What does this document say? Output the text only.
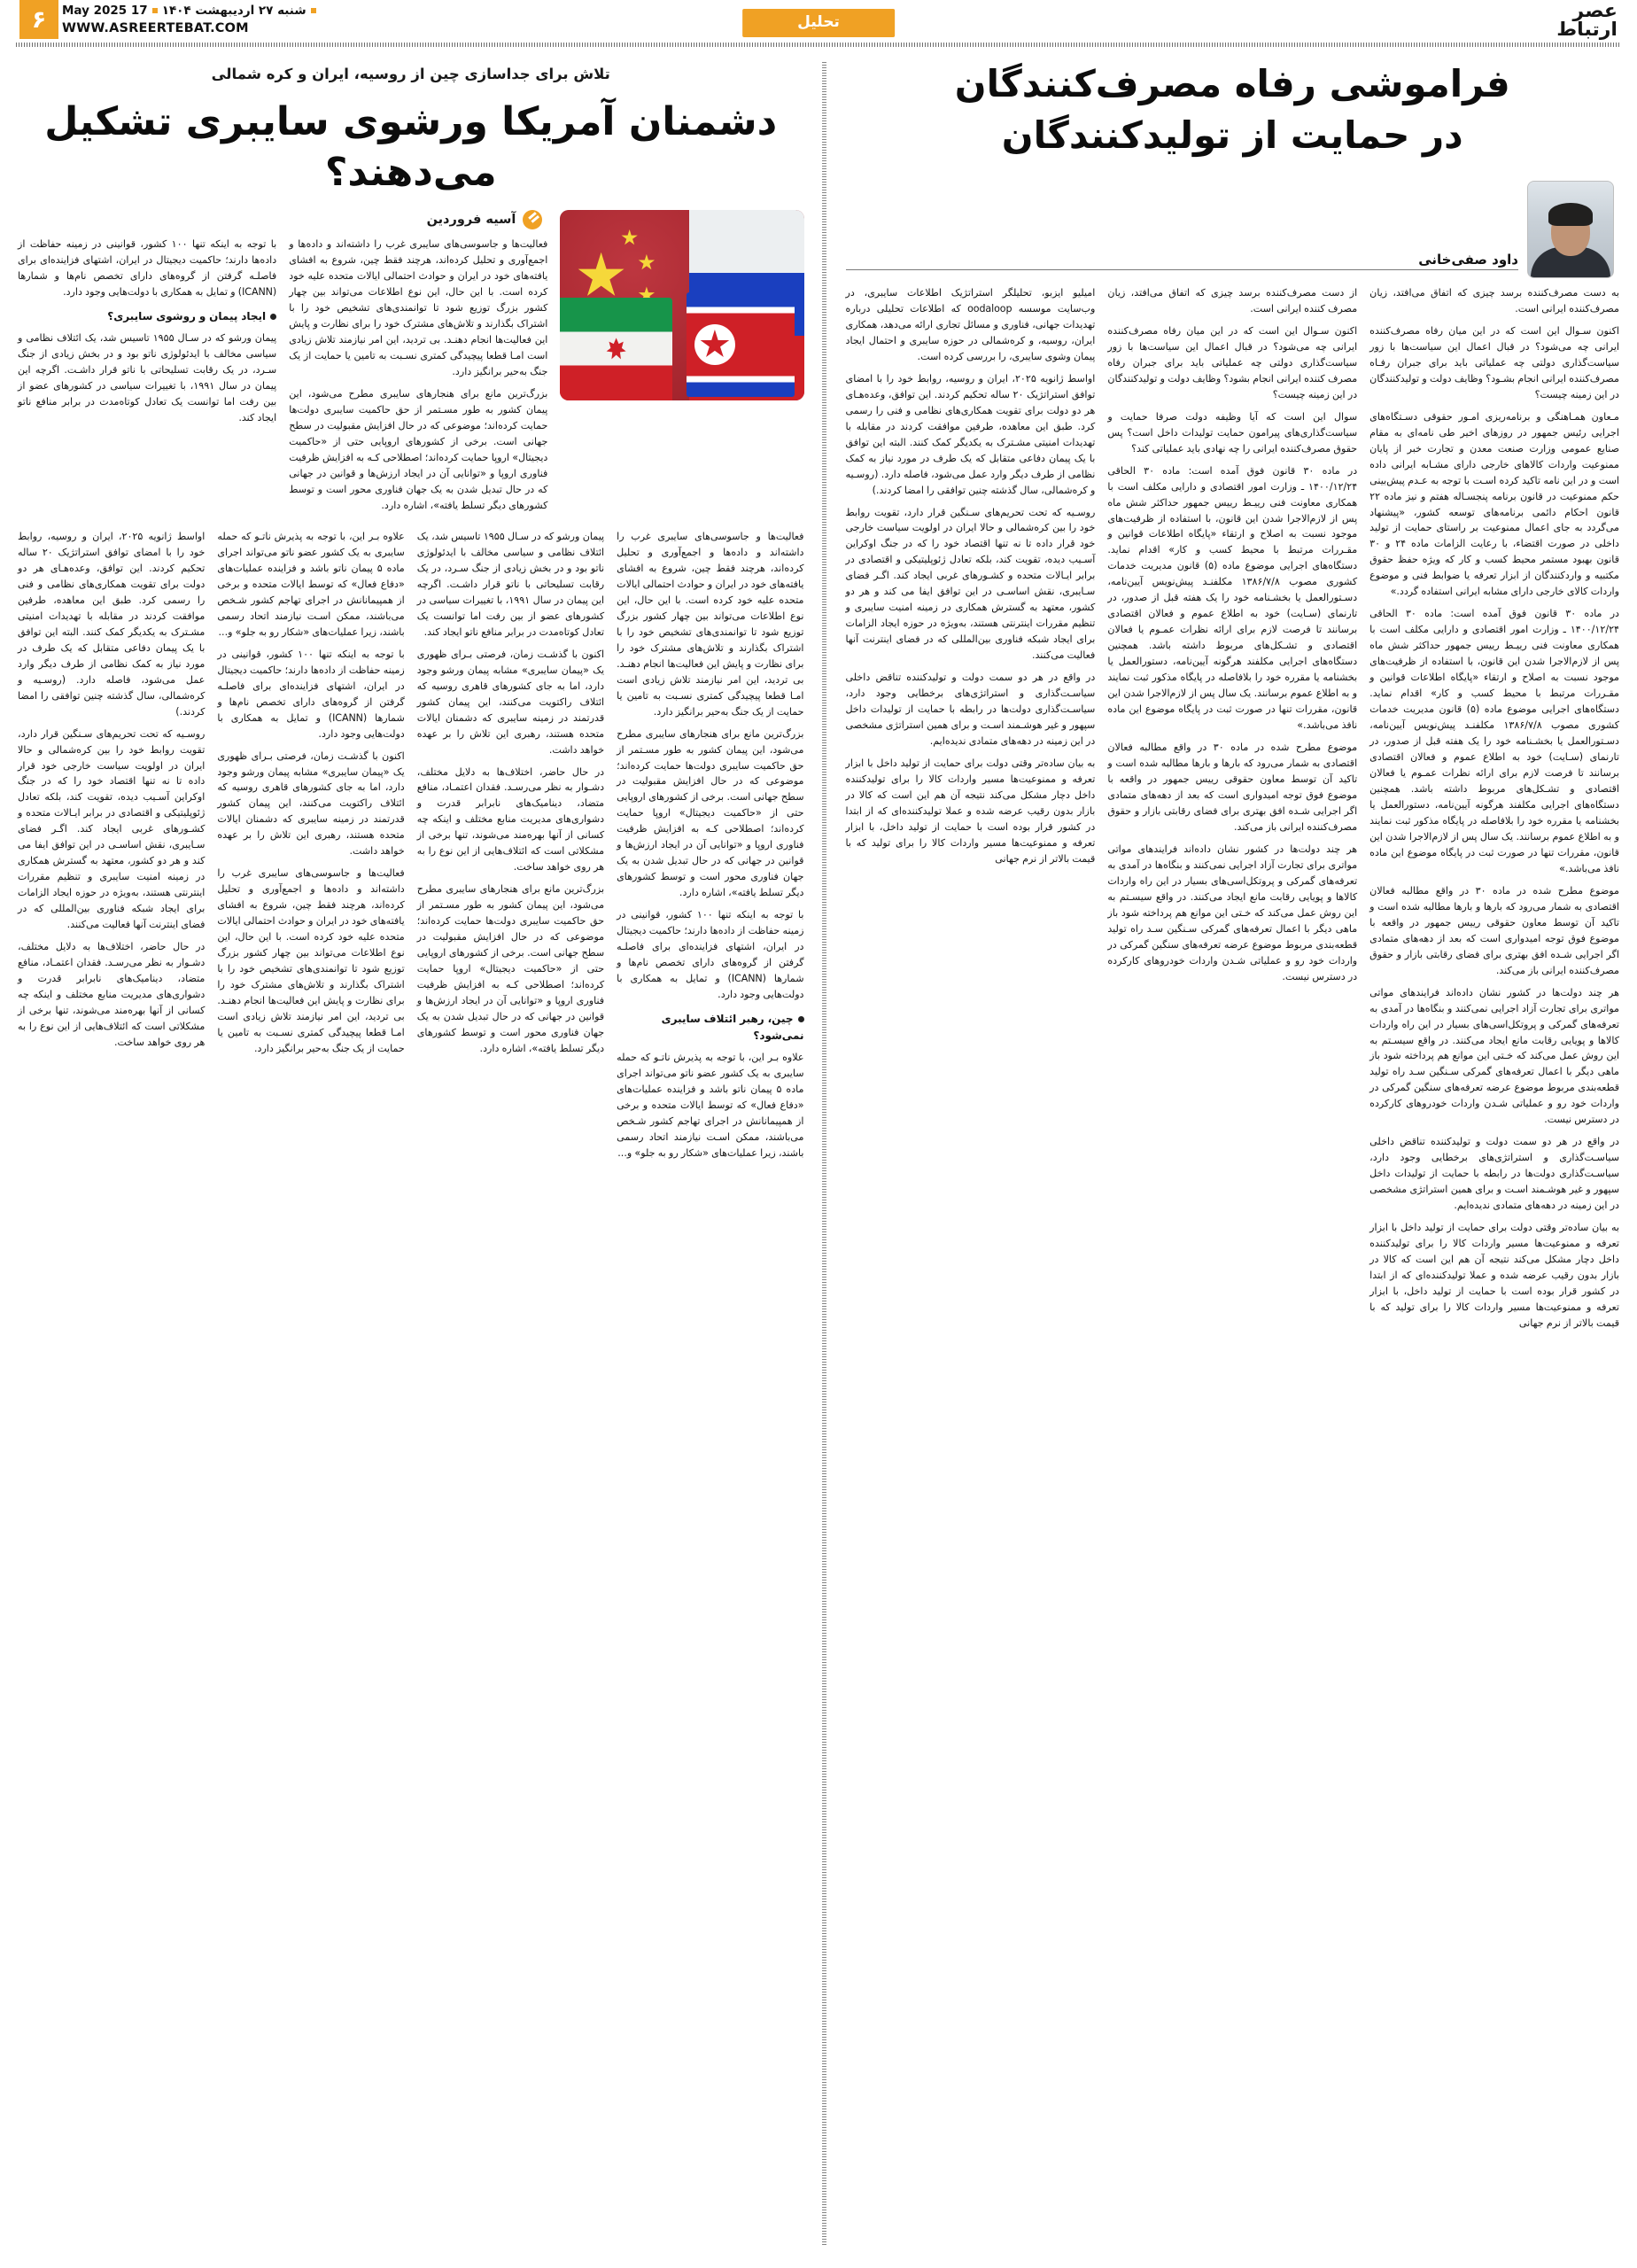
عصر
ارتباط
تحلیل
شنبه ۲۷ اردیبهشت ۱۴۰۴17 May 2025
WWW.ASREERTEBAT.COM
۶
فراموشی رفاه مصرف‌کنندگان
در حمایت از تولیدکنندگان
داود صفی‌خانی

به دست مصرف‌کننده برسد چیزی که اتفاق می‌افتد، زیان مصرف‌کننده ایرانی است.

اکنون سـوال این است که در این میان رفاه مصرف‌کننده ایرانی چه می‌شود؟ در قبال اعمال این سیاست‌ها با زور سیاست‌گذاری دولتی چه عملیاتی باید برای جبران رفـاه مصرف‌کننده ایرانی انجام بشـود؟ وظایف دولت و تولیدکنندگان در این زمینه چیست؟

مـعاون همـاهنگی و برنامه‌ریزی امـور حقوقی دسـتگاه‌های اجرایی رئیس جمهور در روزهای اخیر طی نامه‌ای به مقام صنایع عمومی وزارت صنعت معدن و تجارت خبر از پایان ممنوعیت واردات کالاهای خارجی دارای مشـابه ایرانی داده است و در این نامه تاکید کرده اسـت با توجه به عـدم پیش‌بینی حکم ممنوعیت در قانون برنامه پنجسـاله هفتم و نیز ماده ۲۲ قانون احکام دائمی برنامه‌های توسعه کشور، «پیشنهاد می‌گردد به جای اعمال ممنوعیت بر راستای حمایت از تولید داخلی در صورت اقتضاء، با رعایت الزامات ماده ۲۴ و ۳۰ قانون بهبود مستمر محیط کسب و کار که ویژه حفظ حقوق مکتبیه و واردکنندگان از ابزار تعرفه یا ضوابط فنی و موضوع واردات کالای خارجی دارای مشابه ایرانی استفاده گردد.»

در ماده ۳۰ قانون فوق آمده است: ماده ۳۰ الحاقی ۱۴۰۰/۱۲/۲۴ ـ وزارت امور اقتصادی و دارایی مکلف است با همکاری معاونت فنی رییـط رییس جمهور حداکثر شش ماه پس از لازم‌الاجرا شدن این قانون، با استفاده از ظرفیت‌های موجود نسبت به اصلاح و ارتقاء «پایگاه اطلاعات قوانین و مقـررات مرتبط با محیط کسب و کار» اقدام نماید. دستگاه‌های اجرایی موضوع ماده (۵) قانون مدیریت خدمات کشوری مصوب ۱۳۸۶/۷/۸ مکلفنـد پیش‌نویس آیین‌نامه، دسـتورالعمل یا بخشـنامه خود را یک هفته قبل از صدور، در تارنمای (سـایت) خود به اطلاع عموم و فعالان اقتصادی برسانند تا فرصت لازم برای ارائه نظرات عمـوم یا فعالان اقتصادی و تشـکل‌های مربوط داشته باشد. همچنین دستگاه‌های اجرایی مکلفند هرگونه آیین‌نامه، دستورالعمل یا بخشنامه یا مقرره خود را بلافاصله در پایگاه مذکور ثبت نمایند و به اطلاع عموم برسانند. یک سال پس از لازم‌الاجرا شدن این قانون، مقررات تنها در صورت ثبت در پایگاه موضوع این ماده نافذ می‌باشد.»

موضوع مطرح شده در ماده ۳۰ در واقع مطالبه فعالان اقتصادی به شمار می‌رود که بارها و بارها مطالبه شده است و تاکید آن توسط معاون حقوقی رییس جمهور در واقعه با موضوع فوق توجه امیدواری است که بعد از دهه‌های متمادی اگر اجرایی شـده افق بهتری برای فضای رقابتی بازار و حقوق مصرف‌کننده ایرانی باز می‌کند.

هر چند دولت‌ها در کشور نشان داده‌اند فرایندهای مواتی مواتری برای تجارت آزاد اجرایی نمی‌کنند و بنگاه‌ها در آمدی به تعرفه‌های گمرکی و پروتکل‌اسی‌های بسیار در این راه واردات کالاها و پویایی رقابت مانع ایجاد می‌کنند. در واقع سیسـتم به این روش عمل می‌کند که خـتی این موانع هم پرداخته شود باز ماهی دیگر با اعمال تعرفه‌های گمرکی سـنگین سـد راه تولید قطعه‌بندی مربوط موضوع عرضه تعرفه‌های سنگین گمرکی در واردات خود رو و عملیاتی شـدن واردات خودروهای کارکرده در دسترس نیست.

در واقع در هر دو سمت دولت و تولیدکننده تناقض داخلی سیاسـت‌گذاری و استراتژی‌های برخطایی وجود دارد، سیاسـت‌گذاری دولت‌ها در رابطه با حمایت از تولیدات داخل سپهور و غیر هوشـمند اسـت و برای همین استراتژی مشخصی در این زمینه در دهه‌های متمادی ندیده‌ایم.

به بیان ساده‌تر وقتی دولت برای حمایت از تولید داخل با ابزار تعرفه و ممنوعیت‌ها مسیر واردات کالا را برای تولیدکننده داخل دچار مشکل می‌کند نتیجه آن هم این است که کالا در بازار بدون رقیب عرضه شده و عملا تولیدکننده‌ای که از ابتدا در کشور قرار بوده است با حمایت از تولید داخل، با ابزار تعرفه و ممنوعیت‌ها مسیر واردات کالا را برای تولید که با قیمت بالاتر از نرم جهانی

از دست مصرف‌کننده برسد چیزی که اتفاق می‌افتد، زیان مصرف کننده ایرانی است.

اکنون سـوال این است که در این میان رفاه مصرف‌کننده ایرانی چه می‌شود؟ در قبال اعمال این سیاست‌ها با زور سیاست‌گذاری دولتی چه عملیاتی باید برای جبران رفاه مصرف کننده ایرانی انجام بشود؟ وظایف دولت و تولیدکنندگان در این زمینه چیست؟

سوال این است که آیا وظیفه دولت صرفا حمایت و سیاست‌گذاری‌های پیرامون حمایت تولیدات داخل است؟ پس حقوق مصرف‌کننده ایرانی را چه نهادی باید عملیاتی کند؟

در ماده ۳۰ قانون فوق آمده است: ماده ۳۰ الحاقی ۱۴۰۰/۱۲/۲۴ ـ وزارت امور اقتصادی و دارایی مکلف است با همکاری معاونت فنی رییـط رییس جمهور حداکثر شش ماه پس از لازم‌الاجرا شدن این قانون، با استفاده از ظرفیت‌های موجود نسبت به اصلاح و ارتقاء «پایگاه اطلاعات قوانین و مقـررات مرتبط با محیط کسب و کار» اقدام نماید. دستگاه‌های اجرایی موضوع ماده (۵) قانون مدیریت خدمات کشوری مصوب ۱۳۸۶/۷/۸ مکلفنـد پیش‌نویس آیین‌نامه، دسـتورالعمل یا بخشـنامه خود را یک هفته قبل از صدور، در تارنمای (سـایت) خود به اطلاع عموم و فعالان اقتصادی برسانند تا فرصت لازم برای ارائه نظرات عمـوم یا فعالان اقتصادی و تشـکل‌های مربوط داشته باشد. همچنین دستگاه‌های اجرایی مکلفند هرگونه آیین‌نامه، دستورالعمل یا بخشنامه یا مقرره خود را بلافاصله در پایگاه مذکور ثبت نمایند و به اطلاع عموم برسانند. یک سال پس از لازم‌الاجرا شدن این قانون، مقررات تنها در صورت ثبت در پایگاه موضوع این ماده نافذ می‌باشد.»

موضوع مطرح شده در ماده ۳۰ در واقع مطالبه فعالان اقتصادی به شمار می‌رود که بارها و بارها مطالبه شده است و تاکید آن توسط معاون حقوقی رییس جمهور در واقعه با موضوع فوق توجه امیدواری است که بعد از دهه‌های متمادی اگر اجرایی شـده افق بهتری برای فضای رقابتی بازار و حقوق مصرف‌کننده ایرانی باز می‌کند.

هر چند دولت‌ها در کشور نشان داده‌اند فرایندهای مواتی مواتری برای تجارت آزاد اجرایی نمی‌کنند و بنگاه‌ها در آمدی به تعرفه‌های گمرکی و پروتکل‌اسی‌های بسیار در این راه واردات کالاها و پویایی رقابت مانع ایجاد می‌کنند. در واقع سیسـتم به این روش عمل می‌کند که خـتی این موانع هم پرداخته شود باز ماهی دیگر با اعمال تعرفه‌های گمرکی سـنگین سـد راه تولید قطعه‌بندی مربوط موضوع عرضه تعرفه‌های سنگین گمرکی در واردات خود رو و عملیاتی شـدن واردات خودروهای کارکرده در دسترس نیست.

امیلیو ایزبو، تحلیلگر استراتژیک اطلاعات سایبری، در وب‌سایت موسسه oodaloop که اطلاعات تحلیلی درباره تهدیدات جهانی، فناوری و مسائل تجاری ارائه می‌دهد، همکاری ایران، روسیه، و کره‌شمالی در حوزه سایبری و احتمال ایجاد پیمان وشوی سایبری، را بررسی کرده است.

اواسط ژانویه ۲۰۲۵، ایران و روسیه، روابط خود را با امضای توافق استراتژیک ۲۰ ساله تحکیم کردند. این توافق، وعده‌هـای هر دو دولت برای تقویت همکاری‌های نظامی و فنی را رسمی کرد. طبق این معاهده، طرفین موافقت کردند در مقابله با تهدیدات امنیتی مشـترک به یکدیگر کمک کنند. البته این توافق با یک پیمان دفاعی متقابل که یک طرف در مورد نیاز به کمک نظامی از طرف دیگر وارد عمل می‌شود، فاصله دارد. (روسـیه و کره‌شمالی، سال گذشته چنین توافقی را امضا کردند.)

روسـیه که تحت تحریم‌های سـنگین قرار دارد، تقویت روابط خود را بین کره‌شمالی و حالا ایران در اولویت سیاست خارجی خود قرار داده تا نه تنها اقتصاد خود را که در جنگ اوکراین آسـیب دیده، تقویت کند، بلکه تعادل ژئوپلیتیکی و اقتصادی در برابر ایـالات متحده و کشـورهای غربی ایجاد کند. اگـر فضای سـایبری، نقش اساسـی در این توافق ایفا می کند و هر دو کشور، معتهد به گسترش همکاری در زمینه امنیت سایبری و تنظیم مقررات اینترنتی هستند، به‌ویژه در حوزه ایجاد الزامات برای ایجاد شبکه فناوری بین‌المللی که در فضای اینترنت آنها فعالیت می‌کنند.

در واقع در هر دو سمت دولت و تولیدکننده تناقض داخلی سیاسـت‌گذاری و استراتژی‌های برخطایی وجود دارد، سیاسـت‌گذاری دولت‌ها در رابطه با حمایت از تولیدات داخل سپهور و غیر هوشـمند اسـت و برای همین استراتژی مشخصی در این زمینه در دهه‌های متمادی ندیده‌ایم.

به بیان ساده‌تر وقتی دولت برای حمایت از تولید داخل با ابزار تعرفه و ممنوعیت‌ها مسیر واردات کالا را برای تولیدکننده داخل دچار مشکل می‌کند نتیجه آن هم این است که کالا در بازار بدون رقیب عرضه شده و عملا تولیدکننده‌ای که از ابتدا در کشور قرار بوده است با حمایت از تولید داخل، با ابزار تعرفه و ممنوعیت‌ها مسیر واردات کالا را برای تولید که با قیمت بالاتر از نرم جهانی

تلاش برای جداسازی چین از روسیه، ایران و کره شمالی
دشمنان آمریکا ورشوی سایبری تشکیل می‌دهند؟
آسیه فروردین

فعالیت‌ها و جاسوسی‌های سایبری غرب را داشته‌اند و داده‌ها و اجمع‌آوری و تحلیل کرده‌اند، هرچند فقط چین، شروع به افشای یافته‌های خود در ایران و حوادث احتمالی ایالات متحده علیه خود کرده است. با این حال، این نوع اطلاعات می‌تواند بین چهار کشور بزرگ توزیع شود تا توانمندی‌های تشخیص خود را با اشتراک بگذارند و تلاش‌های مشترک خود را برای نظارت و پایش این فعالیت‌ها انجام دهنـد. بی تردید، این امر نیازمند تلاش زیادی است امـا قطعا پیچیدگی کمتری نسـبت به تامین یا حمایت از یک جنگ به‌حیر برانگیز دارد.

بزرگ‌ترین مانع برای هنجارهای سایبری مطرح می‌شود، این پیمان کشور به طور مسـتمر از حق حاکمیت سایبری دولت‌ها حمایت کرده‌اند؛ موضوعی که در حال افزایش مقبولیت در سطح جهانی است. برخی از کشورهای اروپایی حتی از «حاکمیت دیجیتال» اروپا حمایت کرده‌اند؛ اصطلاحی کـه به افزایش ظرفیت فناوری اروپا و «توانایی آن در ایجاد ارزش‌ها و قوانین در جهانی که در حال تبدیل شدن به یک جهان فناوری محور است و توسط کشورهای دیگر تسلط یافته»، اشاره دارد.

با توجه به اینکه تنها ۱۰۰ کشور، قوانینی در زمینه حفاظت از داده‌ها دارند؛ حاکمیت دیجیتال در ایران، اشتهای فزاینده‌ای برای فاصلـه گرفتن از گروه‌های دارای تخصص نام‌ها و شمارها (ICANN) و تمایل به همکاری با دولت‌هایی وجود دارد.

ایجاد پیمان و روشوی سایبری؟

پیمان ورشو که در سـال ۱۹۵۵ تاسیس شد، یک ائتلاف نظامی و سیاسی مخالف با ایدئولوژی ناتو بود و در بخش زیادی از جنگ سـرد، در یک رقابت تسلیحاتی با ناتو قرار داشـت. اگرچه این پیمان در سال ۱۹۹۱، با تغییرات سیاسی در کشورهای عضو از بین رفت اما توانست یک تعادل کوتاه‌مدت در برابر منافع ناتو ایجاد کند.

فعالیت‌ها و جاسوسی‌های سایبری غرب را داشته‌اند و داده‌ها و اجمع‌آوری و تحلیل کرده‌اند، هرچند فقط چین، شروع به افشای یافته‌های خود در ایران و حوادث احتمالی ایالات متحده علیه خود کرده است. با این حال، این نوع اطلاعات می‌تواند بین چهار کشور بزرگ توزیع شود تا توانمندی‌های تشخیص خود را با اشتراک بگذارند و تلاش‌های مشترک خود را برای نظارت و پایش این فعالیت‌ها انجام دهنـد. بی تردید، این امر نیازمند تلاش زیادی است امـا قطعا پیچیدگی کمتری نسـبت به تامین یا حمایت از یک جنگ به‌حیر برانگیز دارد.

بزرگ‌ترین مانع برای هنجارهای سایبری مطرح می‌شود، این پیمان کشور به طور مسـتمر از حق حاکمیت سایبری دولت‌ها حمایت کرده‌اند؛ موضوعی که در حال افزایش مقبولیت در سطح جهانی است. برخی از کشورهای اروپایی حتی از «حاکمیت دیجیتال» اروپا حمایت کرده‌اند؛ اصطلاحی کـه به افزایش ظرفیت فناوری اروپا و «توانایی آن در ایجاد ارزش‌ها و قوانین در جهانی که در حال تبدیل شدن به یک جهان فناوری محور است و توسط کشورهای دیگر تسلط یافته»، اشاره دارد.

با توجه به اینکه تنها ۱۰۰ کشور، قوانینی در زمینه حفاظت از داده‌ها دارند؛ حاکمیت دیجیتال در ایران، اشتهای فزاینده‌ای برای فاصلـه گرفتن از گروه‌های دارای تخصص نام‌ها و شمارها (ICANN) و تمایل به همکاری با دولت‌هایی وجود دارد.

چین، رهبر ائتلاف سایبری نمی‌شود؟

علاوه بـر این، با توجه به پذیرش ناتـو که حمله سایبری به یک کشور عضو ناتو می‌تواند اجرای ماده ۵ پیمان ناتو باشد و فزاینده عملیات‌های «دفاع فعال» که توسط ایالات متحده و برخی از همپیمانانش در اجرای تهاجم کشور شـخص می‌باشند، ممکن اسـت نیازمند اتحاد رسمی باشند، زیرا عملیات‌های «شکار رو به جلو» و...

پیمان ورشو که در سـال ۱۹۵۵ تاسیس شد، یک ائتلاف نظامی و سیاسی مخالف با ایدئولوژی ناتو بود و در بخش زیادی از جنگ سـرد، در یک رقابت تسلیحاتی با ناتو قرار داشـت. اگرچه این پیمان در سال ۱۹۹۱، با تغییرات سیاسی در کشورهای عضو از بین رفت اما توانست یک تعادل کوتاه‌مدت در برابر منافع ناتو ایجاد کند.

اکنون با گذشـت زمان، فرصتی بـرای ظهوری یک «پیمان سایبری» مشابه پیمان ورشو وجود دارد، اما به جای کشورهای قاهری روسیه که ائتلاف راکتویت می‌کنند، این پیمان کشور قدرتمند در زمینه سایبری که دشمنان ایالات متحده هستند، رهبری این تلاش را بر عهده خواهد داشت.

در حال حاضر، اختلاف‌ها به دلایل مختلف، دشـوار به نظر می‌رسـد. فقدان اعتمـاد، منافع متضاد، دینامیک‌های نابرابر قدرت و دشواری‌های مدیریت منابع مختلف و اینکه چه کسانی از آنها بهره‌مند می‌شوند، تنها برخی از مشکلاتی است که ائتلاف‌هایی از این نوع را به هر روی خواهد ساخت.

بزرگ‌ترین مانع برای هنجارهای سایبری مطرح می‌شود، این پیمان کشور به طور مسـتمر از حق حاکمیت سایبری دولت‌ها حمایت کرده‌اند؛ موضوعی که در حال افزایش مقبولیت در سطح جهانی است. برخی از کشورهای اروپایی حتی از «حاکمیت دیجیتال» اروپا حمایت کرده‌اند؛ اصطلاحی کـه به افزایش ظرفیت فناوری اروپا و «توانایی آن در ایجاد ارزش‌ها و قوانین در جهانی که در حال تبدیل شدن به یک جهان فناوری محور است و توسط کشورهای دیگر تسلط یافته»، اشاره دارد.

علاوه بـر این، با توجه به پذیرش ناتـو که حمله سایبری به یک کشور عضو ناتو می‌تواند اجرای ماده ۵ پیمان ناتو باشد و فزاینده عملیات‌های «دفاع فعال» که توسط ایالات متحده و برخی از همپیمانانش در اجرای تهاجم کشور شـخص می‌باشند، ممکن اسـت نیازمند اتحاد رسمی باشند، زیرا عملیات‌های «شکار رو به جلو» و...

با توجه به اینکه تنها ۱۰۰ کشور، قوانینی در زمینه حفاظت از داده‌ها دارند؛ حاکمیت دیجیتال در ایران، اشتهای فزاینده‌ای برای فاصلـه گرفتن از گروه‌های دارای تخصص نام‌ها و شمارها (ICANN) و تمایل به همکاری با دولت‌هایی وجود دارد.

اکنون با گذشـت زمان، فرصتی بـرای ظهوری یک «پیمان سایبری» مشابه پیمان ورشو وجود دارد، اما به جای کشورهای قاهری روسیه که ائتلاف راکتویت می‌کنند، این پیمان کشور قدرتمند در زمینه سایبری که دشمنان ایالات متحده هستند، رهبری این تلاش را بر عهده خواهد داشت.

فعالیت‌ها و جاسوسی‌های سایبری غرب را داشته‌اند و داده‌ها و اجمع‌آوری و تحلیل کرده‌اند، هرچند فقط چین، شروع به افشای یافته‌های خود در ایران و حوادث احتمالی ایالات متحده علیه خود کرده است. با این حال، این نوع اطلاعات می‌تواند بین چهار کشور بزرگ توزیع شود تا توانمندی‌های تشخیص خود را با اشتراک بگذارند و تلاش‌های مشترک خود را برای نظارت و پایش این فعالیت‌ها انجام دهنـد. بی تردید، این امر نیازمند تلاش زیادی است امـا قطعا پیچیدگی کمتری نسـبت به تامین یا حمایت از یک جنگ به‌حیر برانگیز دارد.

اواسط ژانویه ۲۰۲۵، ایران و روسیه، روابط خود را با امضای توافق استراتژیک ۲۰ ساله تحکیم کردند. این توافق، وعده‌هـای هر دو دولت برای تقویت همکاری‌های نظامی و فنی را رسمی کرد. طبق این معاهده، طرفین موافقت کردند در مقابله با تهدیدات امنیتی مشـترک به یکدیگر کمک کنند. البته این توافق با یک پیمان دفاعی متقابل که یک طرف در مورد نیاز به کمک نظامی از طرف دیگر وارد عمل می‌شود، فاصله دارد. (روسـیه و کره‌شمالی، سال گذشته چنین توافقی را امضا کردند.)

روسـیه که تحت تحریم‌های سـنگین قرار دارد، تقویت روابط خود را بین کره‌شمالی و حالا ایران در اولویت سیاست خارجی خود قرار داده تا نه تنها اقتصاد خود را که در جنگ اوکراین آسـیب دیده، تقویت کند، بلکه تعادل ژئوپلیتیکی و اقتصادی در برابر ایـالات متحده و کشـورهای غربی ایجاد کند. اگـر فضای سـایبری، نقش اساسـی در این توافق ایفا می کند و هر دو کشور، معتهد به گسترش همکاری در زمینه امنیت سایبری و تنظیم مقررات اینترنتی هستند، به‌ویژه در حوزه ایجاد الزامات برای ایجاد شبکه فناوری بین‌المللی که در فضای اینترنت آنها فعالیت می‌کنند.

در حال حاضر، اختلاف‌ها به دلایل مختلف، دشـوار به نظر می‌رسـد. فقدان اعتمـاد، منافع متضاد، دینامیک‌های نابرابر قدرت و دشواری‌های مدیریت منابع مختلف و اینکه چه کسانی از آنها بهره‌مند می‌شوند، تنها برخی از مشکلاتی است که ائتلاف‌هایی از این نوع را به هر روی خواهد ساخت.
